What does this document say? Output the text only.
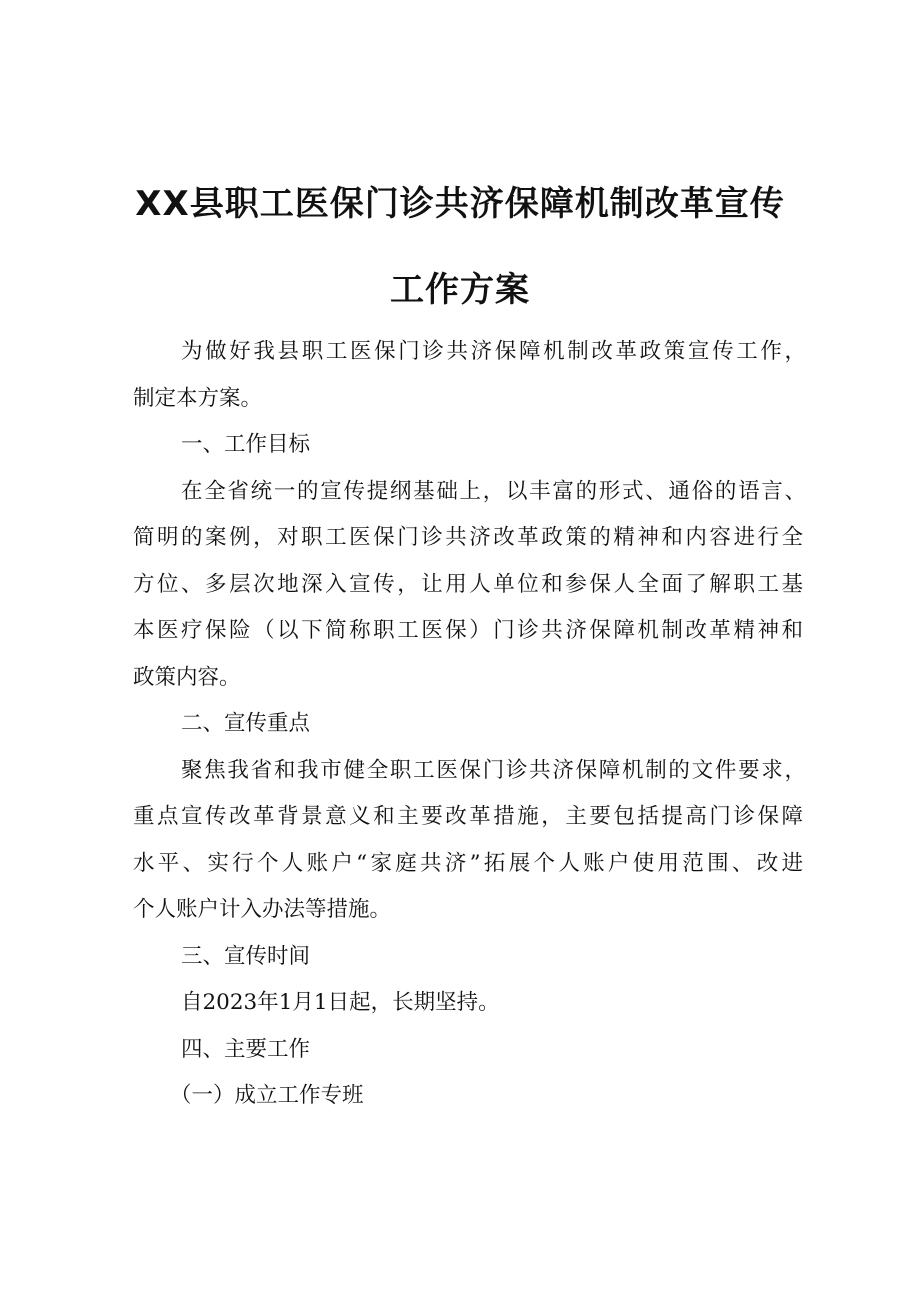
XX县职工医保门诊共济保障机制改革宣传
工作方案
为做好我县职工医保门诊共济保障机制改革政策宣传工作，
制定本方案。
一、工作目标
在全省统一的宣传提纲基础上，以丰富的形式、通俗的语言、
简明的案例，对职工医保门诊共济改革政策的精神和内容进行全
方位、多层次地深入宣传，让用人单位和参保人全面了解职工基
本医疗保险（以下简称职工医保）门诊共济保障机制改革精神和
政策内容。
二、宣传重点
聚焦我省和我市健全职工医保门诊共济保障机制的文件要求，
重点宣传改革背景意义和主要改革措施，主要包括提高门诊保障
水平、实行个人账户“家庭共济”拓展个人账户使用范围、改进
个人账户计入办法等措施。
三、宣传时间
自2023年1月1日起，长期坚持。
四、主要工作
（一）成立工作专班
